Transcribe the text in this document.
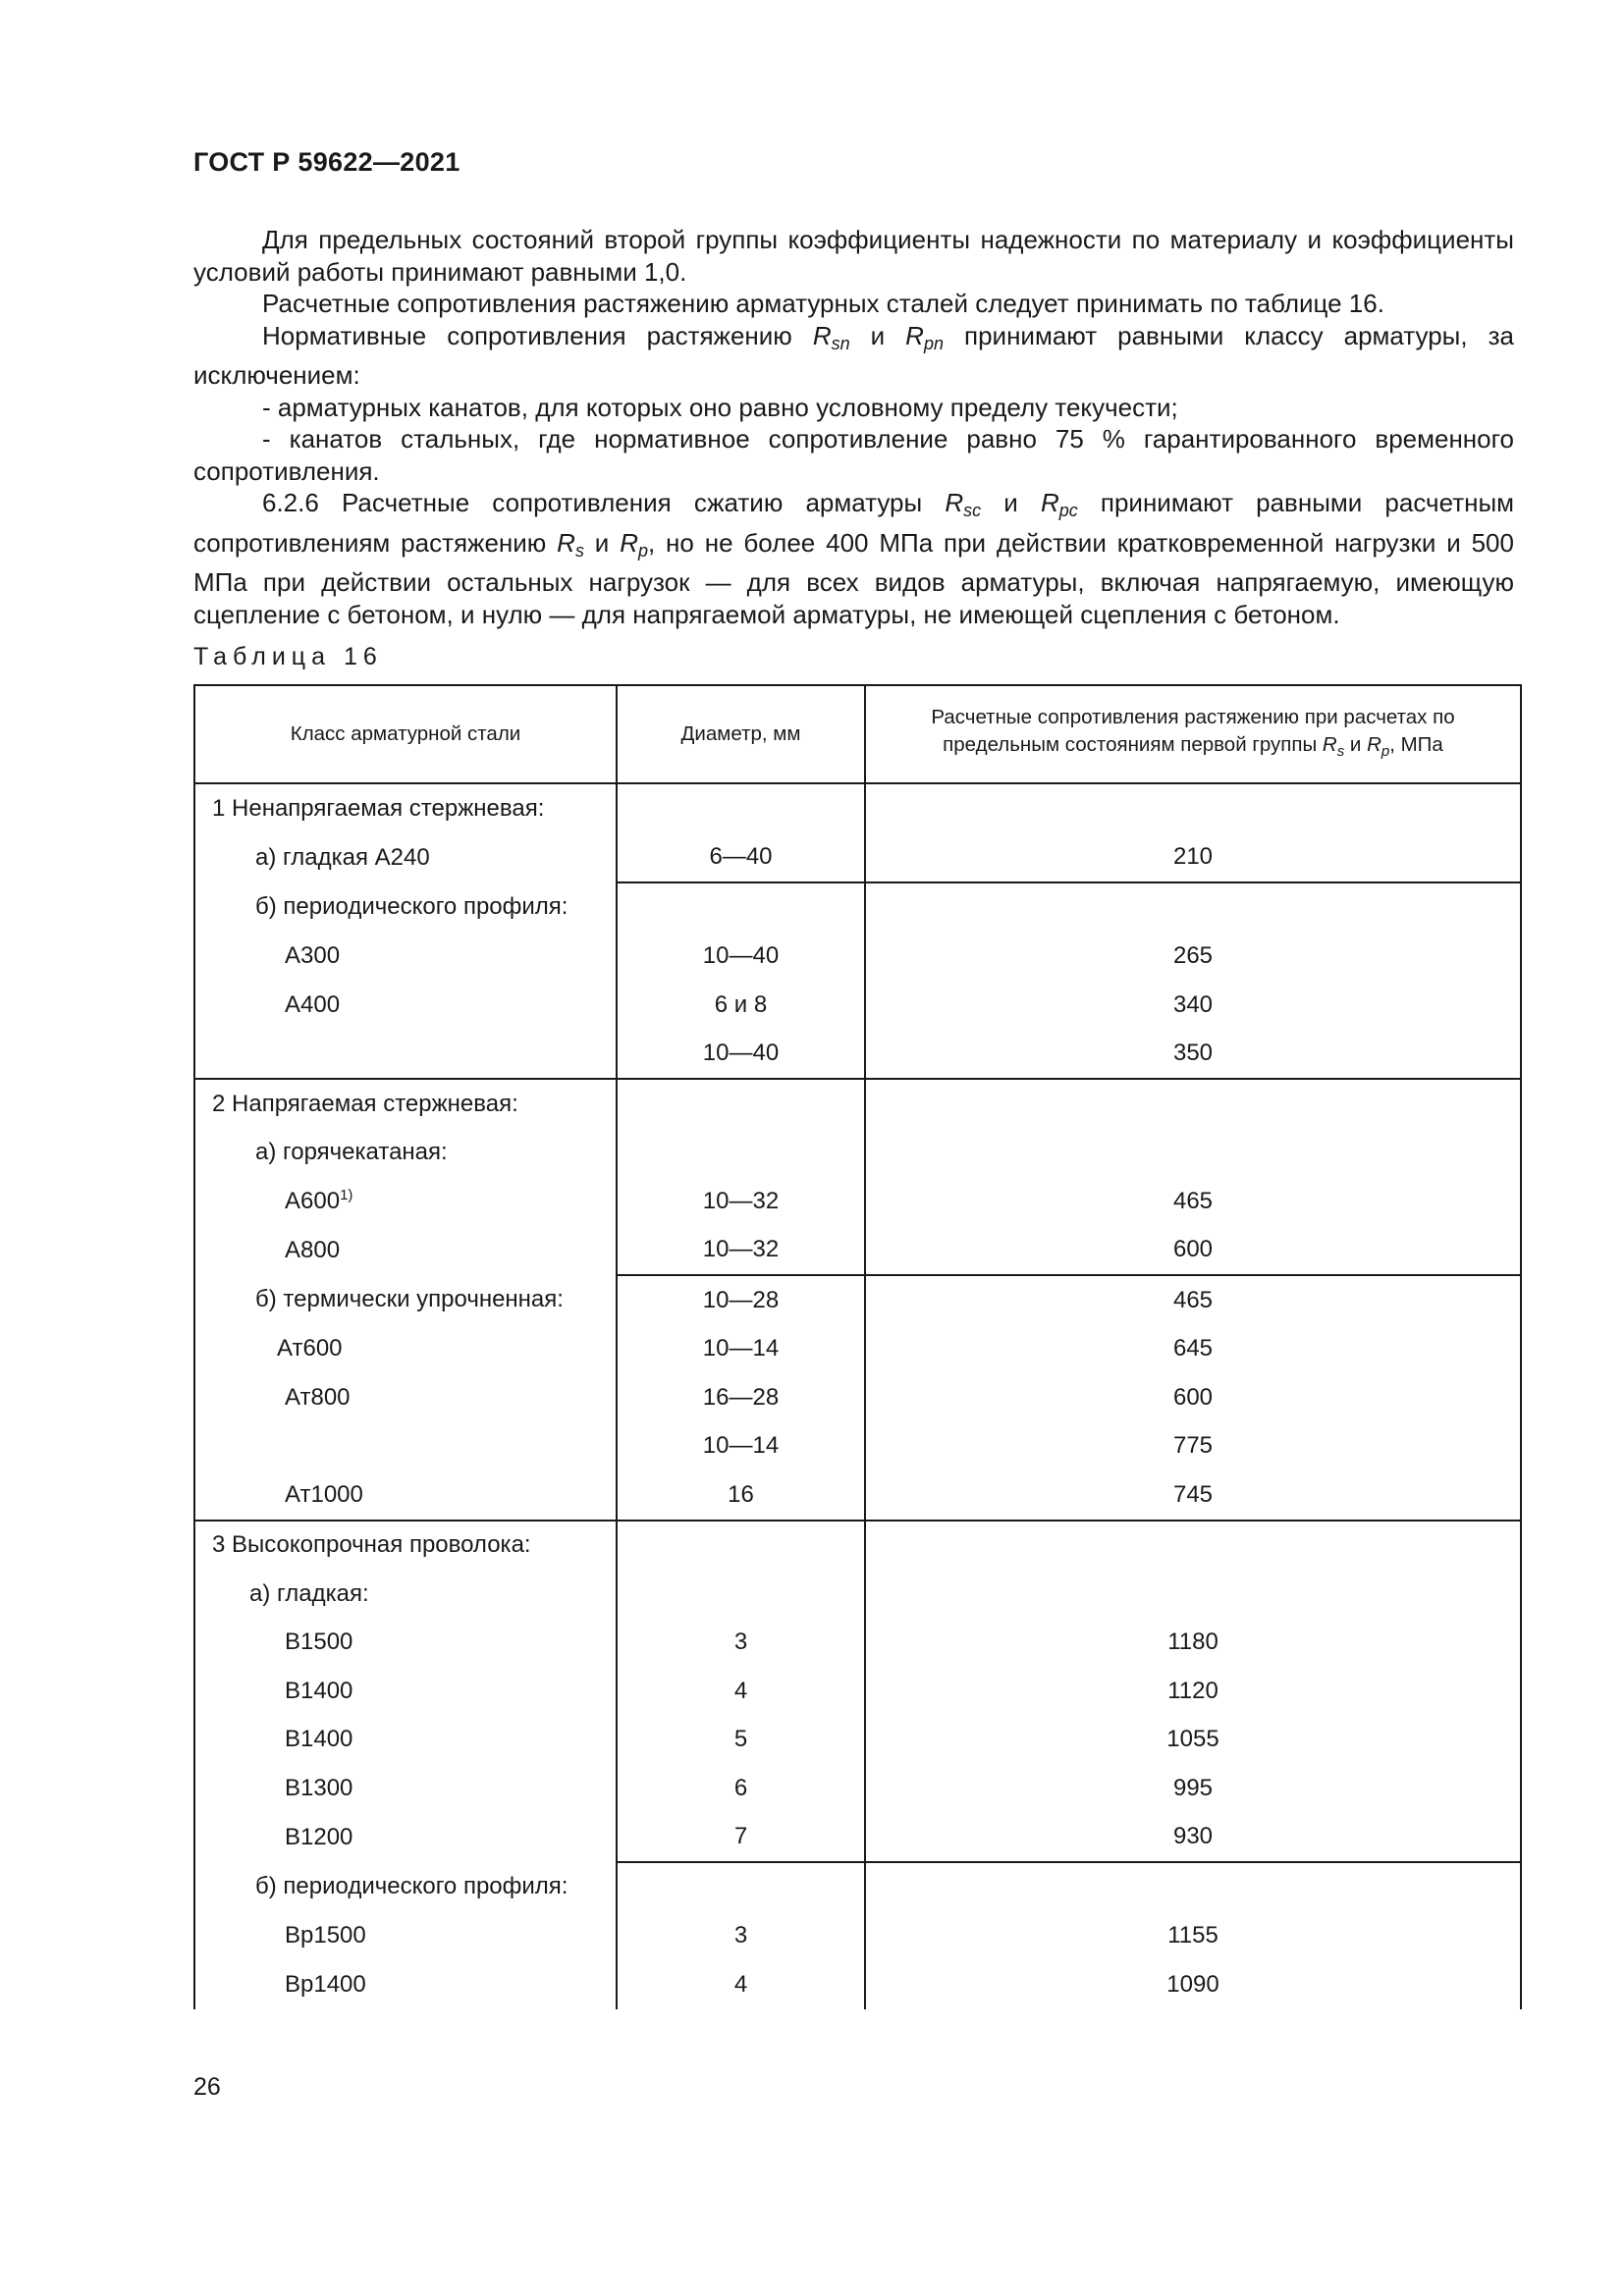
ГОСТ Р 59622—2021

Для предельных состояний второй группы коэффициенты надежности по материалу и коэффициенты условий работы принимают равными 1,0.

Расчетные сопротивления растяжению арматурных сталей следует принимать по таблице 16.

Нормативные сопротивления растяжению $R_{sn}$ и $R_{pn}$ принимают равными классу арматуры, за исключением:

- арматурных канатов, для которых оно равно условному пределу текучести;

- канатов стальных, где нормативное сопротивление равно 75 % гарантированного временного сопротивления.

6.2.6 Расчетные сопротивления сжатию арматуры $R_{sc}$ и $R_{pc}$ принимают равными расчетным сопротивлениям растяжению $R_s$ и $R_p$, но не более 400 МПа при действии кратковременной нагрузки и 500 МПа при действии остальных нагрузок — для всех видов арматуры, включая напрягаемую, имеющую сцепление с бетоном, и нулю — для напрягаемой арматуры, не имеющей сцепления с бетоном.

Таблица 16
Класс арматурной стали	Диаметр, мм	Расчетные сопротивления растяжению при расчетах по предельным состояниям первой группы $R_s$ и $R_p$, МПа
1 Ненапрягаемая стержневая:		
а) гладкая А240	6—40	210
б) периодического профиля:		
А300	10—40	265
А400	6 и 8	340
	10—40	350
2 Напрягаемая стержневая:		
а) горячекатаная:		
А600$^{1)}$	10—32	465
А800	10—32	600
б) термически упрочненная:	10—28	465
Ат600	10—14	645
Ат800	16—28	600
	10—14	775
Ат1000	16	745
3 Высокопрочная проволока:		
а) гладкая:		
В1500	3	1180
В1400	4	1120
В1400	5	1055
В1300	6	995
В1200	7	930
б) периодического профиля:		
Вр1500	3	1155
Вр1400	4	1090
26
